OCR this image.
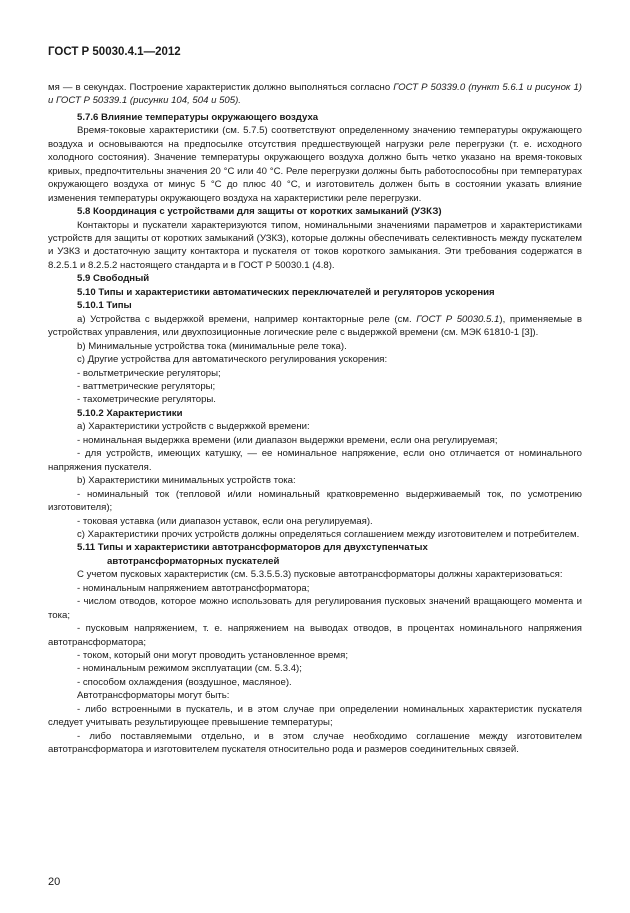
ГОСТ Р 50030.4.1—2012

мя — в секундах. Построение характеристик должно выполняться согласно ГОСТ Р 50339.0 (пункт 5.6.1 и рисунок 1) и ГОСТ Р 50339.1 (рисунки 104, 504 и 505).

5.7.6 Влияние температуры окружающего воздуха

Время-токовые характеристики (см. 5.7.5) соответствуют определенному значению температуры окружающего воздуха и основываются на предпосылке отсутствия предшествующей нагрузки реле перегрузки (т. е. исходного холодного состояния). Значение температуры окружающего воздуха должно быть четко указано на время-токовых кривых, предпочтительны значения 20 °С или 40 °С. Реле перегрузки должны быть работоспособны при температурах окружающего воздуха от минус 5 °С до плюс 40 °С, и изготовитель должен быть в состоянии указать влияние изменения температуры окружающего воздуха на характеристики реле перегрузки.

5.8 Координация с устройствами для защиты от коротких замыканий (УЗКЗ)

Контакторы и пускатели характеризуются типом, номинальными значениями параметров и характеристиками устройств для защиты от коротких замыканий (УЗКЗ), которые должны обеспечивать селективность между пускателем и УЗКЗ и достаточную защиту контактора и пускателя от токов короткого замыкания. Эти требования содержатся в 8.2.5.1 и 8.2.5.2 настоящего стандарта и в ГОСТ Р 50030.1 (4.8).

5.9 Свободный

5.10 Типы и характеристики автоматических переключателей и регуляторов ускорения

5.10.1 Типы

а) Устройства с выдержкой времени, например контакторные реле (см. ГОСТ Р 50030.5.1), применяемые в устройствах управления, или двухпозиционные логические реле с выдержкой времени (см. МЭК 61810-1 [3]).

b) Минимальные устройства тока (минимальные реле тока).

с) Другие устройства для автоматического регулирования ускорения:

- вольтметрические регуляторы;

- ваттметрические регуляторы;

- тахометрические регуляторы.

5.10.2 Характеристики

а) Характеристики устройств с выдержкой времени:

- номинальная выдержка времени (или диапазон выдержки времени, если она регулируемая;

- для устройств, имеющих катушку, — ее номинальное напряжение, если оно отличается от номинального напряжения пускателя.

b) Характеристики минимальных устройств тока:

- номинальный ток (тепловой и/или номинальный кратковременно выдерживаемый ток, по усмотрению изготовителя);

- токовая уставка (или диапазон уставок, если она регулируемая).

с) Характеристики прочих устройств должны определяться соглашением между изготовителем и потребителем.

5.11 Типы и характеристики автотрансформаторов для двухступенчатых

автотрансформаторных пускателей

С учетом пусковых характеристик (см. 5.3.5.5.3) пусковые автотрансформаторы должны характеризоваться:

- номинальным напряжением автотрансформатора;

- числом отводов, которое можно использовать для регулирования пусковых значений вращающего момента и тока;

- пусковым напряжением, т. е. напряжением на выводах отводов, в процентах номинального напряжения автотрансформатора;

- током, который они могут проводить установленное время;

- номинальным режимом эксплуатации (см. 5.3.4);

- способом охлаждения (воздушное, масляное).

Автотрансформаторы могут быть:

- либо встроенными в пускатель, и в этом случае при определении номинальных характеристик пускателя следует учитывать результирующее превышение температуры;

- либо поставляемыми отдельно, и в этом случае необходимо соглашение между изготовителем автотрансформатора и изготовителем пускателя относительно рода и размеров соединительных связей.

20
